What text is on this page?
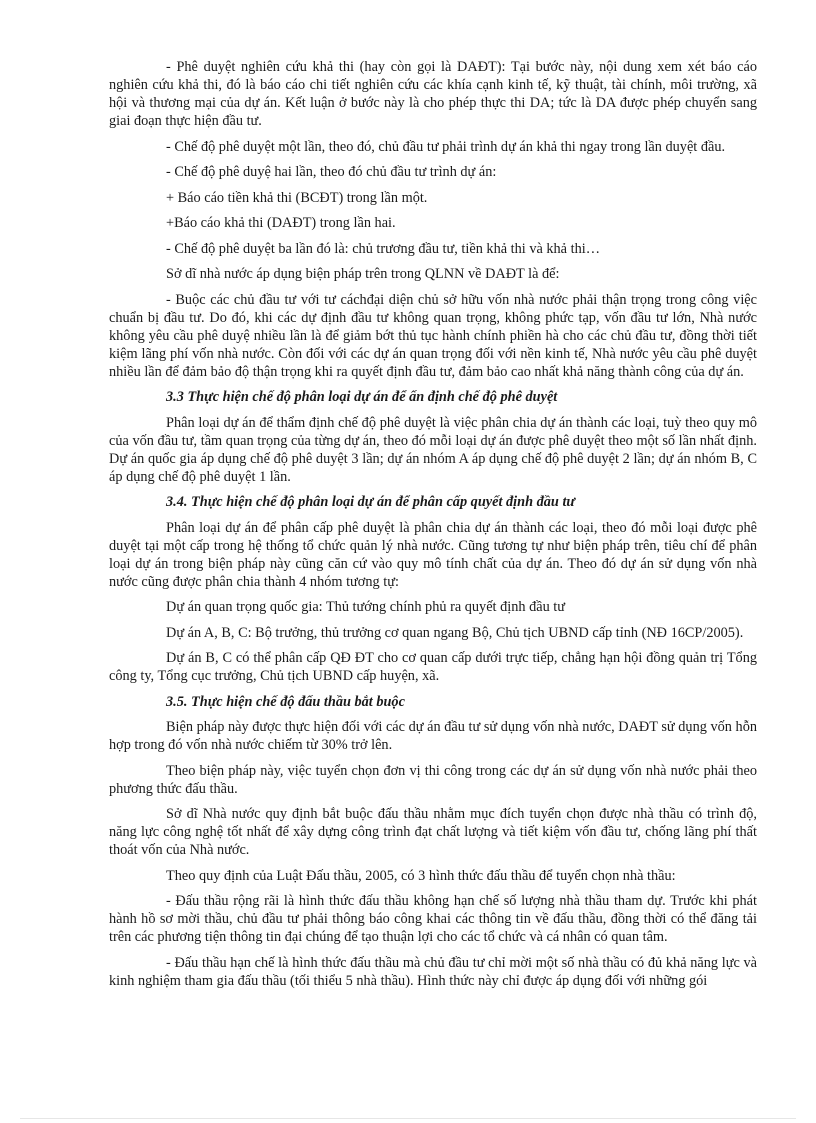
- Phê duyệt nghiên cứu khả thi (hay còn gọi là DAĐT): Tại bước này, nội dung xem xét báo cáo nghiên cứu khả thi, đó là báo cáo chi tiết nghiên cứu các khía cạnh kinh tế, kỹ thuật, tài chính, môi trường, xã hội và thương mại của dự án. Kết luận ở bước này là cho phép thực thi DA; tức là DA được phép chuyển sang giai đoạn thực hiện đầu tư.

- Chế độ phê duyệt một lần, theo đó, chủ đầu tư phải trình dự án khả thi ngay trong lần duyệt đầu.

- Chế độ phê duyệ hai lần, theo đó chủ đầu tư trình dự án:

+ Báo cáo tiền khả thi (BCĐT) trong lần một.

+Báo cáo khả thi (DAĐT) trong lần hai.

- Chế độ phê duyệt ba lần đó là: chủ trương đầu tư, tiền khả thi và khả thi…

Sở dĩ nhà nước áp dụng biện pháp trên trong QLNN về DAĐT là để:

- Buộc các chủ đầu tư với tư cáchđại diện chủ sở hữu vốn nhà nước phải thận trọng trong công việc chuẩn bị đầu tư. Do đó, khi các dự định đầu tư không quan trọng, không phức tạp, vốn đầu tư lớn, Nhà nước không yêu cầu phê duyệ nhiều lần là để giảm bớt thủ tục hành chính phiền hà cho các chủ đầu tư, đồng thời tiết kiệm lãng phí vốn nhà nước. Còn đối với các dự án quan trọng đối với nền kinh tế, Nhà nước yêu cầu phê duyệt nhiều lần để đảm bảo độ thận trọng khi ra quyết định đầu tư, đảm bảo cao nhất khả năng thành công của dự án.

3.3 Thực hiện chế độ phân loại dự án để ấn định chế độ phê duyệt

Phân loại dự án để thẩm định chế độ phê duyệt là việc phân chia dự án thành các loại, tuỳ theo quy mô của vốn đầu tư, tầm quan trọng của từng dự án, theo đó mỗi loại dự án được phê duyệt theo một số lần nhất định. Dự án quốc gia áp dụng chế độ phê duyệt 3 lần; dự án nhóm A áp dụng chế độ phê duyệt 2 lần; dự án nhóm B, C áp dụng chế độ phê duyệt 1 lần.

3.4. Thực hiện chế độ phân loại dự án để phân cấp quyết định đầu tư

Phân loại dự án để phân cấp phê duyệt là phân chia dự án thành các loại, theo đó mỗi loại được phê duyệt tại một cấp trong hệ thống tổ chức quản lý nhà nước. Cũng tương tự như biện pháp trên, tiêu chí để phân loại dự án trong biện pháp này cũng căn cứ vào quy mô tính chất của dự án. Theo đó dự án sử dụng vốn nhà nước cũng được phân chia thành 4 nhóm tương tự:

Dự án quan trọng quốc gia: Thủ tướng chính phủ ra quyết định đầu tư

Dự án A, B, C: Bộ trưởng, thủ trưởng cơ quan ngang Bộ, Chủ tịch UBND cấp tỉnh (NĐ 16CP/2005).

Dự án B, C có thể phân cấp QĐ ĐT cho cơ quan cấp dưới trực tiếp, chẳng hạn hội đồng quản trị Tổng công ty, Tổng cục trưởng, Chủ tịch UBND cấp huyện, xã.

3.5. Thực hiện chế độ đấu thầu bắt buộc

Biện pháp này được thực hiện đối với các dự án đầu tư sử dụng vốn nhà nước, DAĐT sử dụng vốn hỗn hợp trong đó vốn nhà nước chiếm từ 30% trở lên.

Theo biện pháp này, việc tuyển chọn đơn vị thi công trong các dự án sử dụng vốn nhà nước phải theo phương thức đấu thầu.

Sở dĩ Nhà nước quy định bắt buộc đấu thầu nhằm mục đích tuyển chọn được nhà thầu có trình độ, năng lực công nghệ tốt nhất để xây dựng công trình đạt chất lượng và tiết kiệm vốn đầu tư, chống lãng phí thất thoát vốn của Nhà nước.

Theo quy định của Luật Đấu thầu, 2005, có 3 hình thức đấu thầu để tuyển chọn nhà thầu:

- Đấu thầu rộng rãi là hình thức đấu thầu không hạn chế số lượng nhà thầu tham dự. Trước khi phát hành hồ sơ mời thầu, chủ đầu tư phải thông báo công khai các thông tin về đấu thầu, đồng thời có thể đăng tải trên các phương tiện thông tin đại chúng để tạo thuận lợi cho các tổ chức và cá nhân có quan tâm.

- Đấu thầu hạn chế là hình thức đấu thầu mà chủ đầu tư chỉ mời một số nhà thầu có đủ khả năng lực và kinh nghiệm tham gia đấu thầu (tối thiểu 5 nhà thầu). Hình thức này chỉ được áp dụng đối với những gói
